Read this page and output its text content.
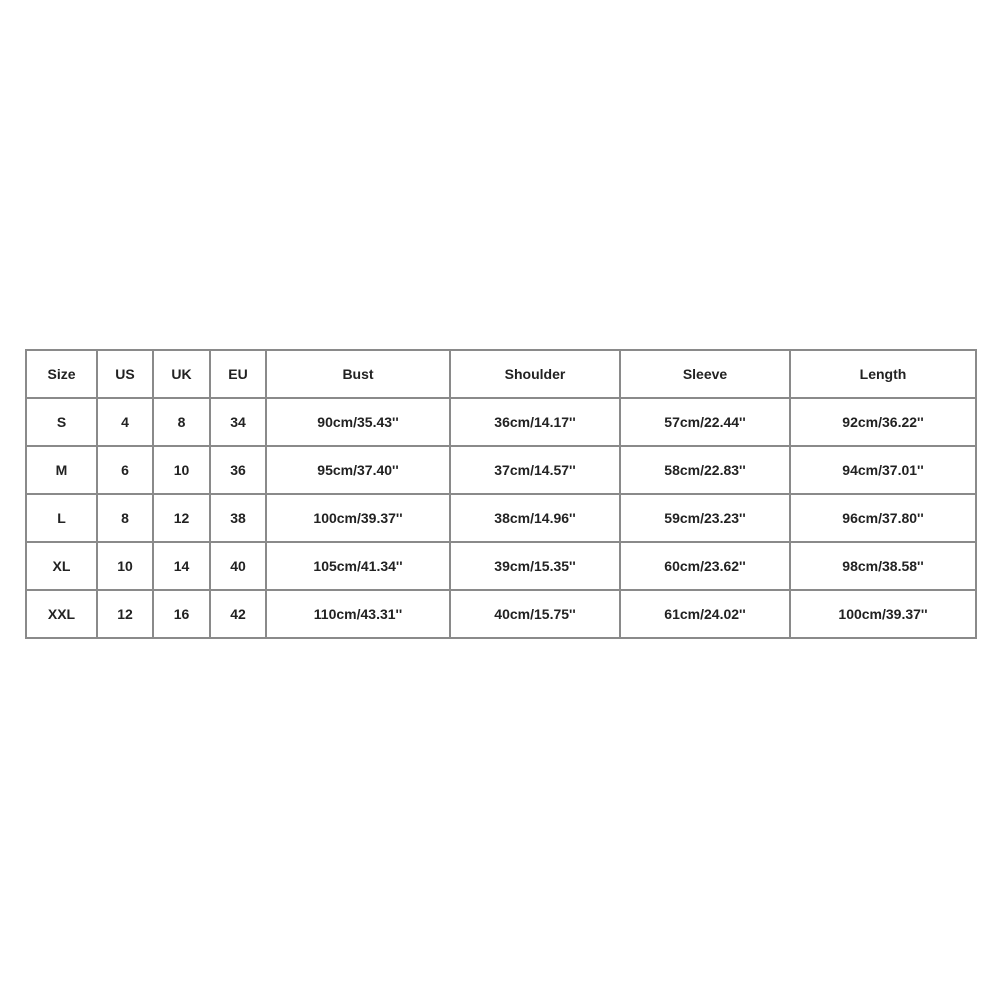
Size	US	UK	EU	Bust	Shoulder	Sleeve	Length
S	4	8	34	90cm/35.43''	36cm/14.17''	57cm/22.44''	92cm/36.22''
M	6	10	36	95cm/37.40''	37cm/14.57''	58cm/22.83''	94cm/37.01''
L	8	12	38	100cm/39.37''	38cm/14.96''	59cm/23.23''	96cm/37.80''
XL	10	14	40	105cm/41.34''	39cm/15.35''	60cm/23.62''	98cm/38.58''
XXL	12	16	42	110cm/43.31''	40cm/15.75''	61cm/24.02''	100cm/39.37''
